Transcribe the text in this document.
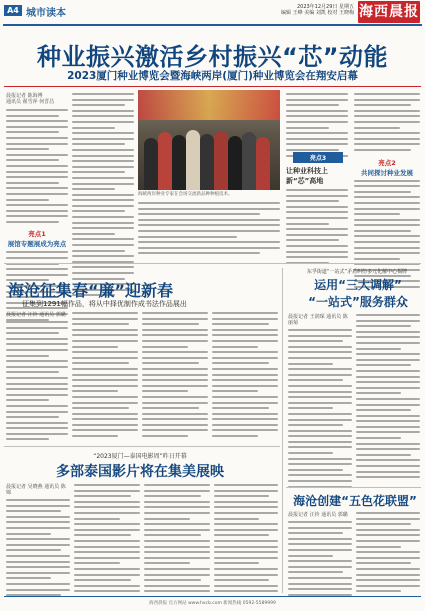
A4 城市读本
2023年12月29日 星期五
编辑 王峰 美编 刘凯 校对 王晓梅 海西晨报
种业振兴激活乡村振兴“芯”动能
2023厦门种业博览会暨海峡两岸(厦门)种业博览会在翔安启幕
晨报记者 陈海博
通讯员 翟雪萍 何晋昌
亮点1
展馆专题展成为亮点
海峡两岸种业专家在会场交流新品种种植技术。
亮点3
让种业科技上新“芯”高地
亮点2
共同探讨种业发展
海沧征集春“廉”迎新春
征集到1291幅作品，将从中择优制作成书法作品展出
晨报记者 汪铃 通讯员 郭璐
东孚街道“一站式”矛盾纠纷多元化解中心揭牌
运用“三大调解”
“一站式”服务群众
晨报记者 王润琛 通讯员 陈丽菊
“2023厦门—泰国电影周”昨日开幕
多部泰国影片将在集美展映
晨报记者 吴晓燕 通讯员 陈锦
海沧创建“五色花联盟”
晨报记者 汪铃 通讯员 郭璐
海西晨报 官方网站 www.hxcb.com 新闻热线 0592-5589999
